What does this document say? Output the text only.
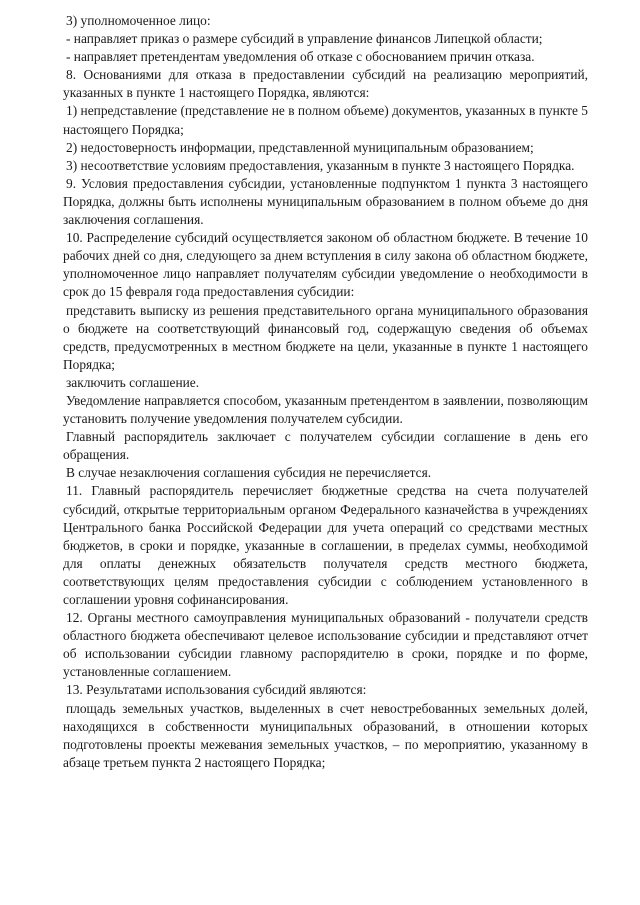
3) уполномоченное лицо:

- направляет приказ о размере субсидий в управление финансов Липецкой области;

- направляет претендентам уведомления об отказе с обоснованием причин отказа.

8. Основаниями для отказа в предоставлении субсидий на реализацию мероприятий, указанных в пункте 1 настоящего Порядка, являются:

1) непредставление (представление не в полном объеме) документов, указанных в пункте 5 настоящего Порядка;

2) недостоверность информации, представленной муниципальным образованием;

3) несоответствие условиям предоставления, указанным в пункте 3 настоящего Порядка.

9. Условия предоставления субсидии, установленные подпунктом 1 пункта 3 настоящего Порядка, должны быть исполнены муниципальным образованием в полном объеме до дня заключения соглашения.

10. Распределение субсидий осуществляется законом об областном бюджете. В течение 10 рабочих дней со дня, следующего за днем вступления в силу закона об областном бюджете, уполномоченное лицо направляет получателям субсидии уведомление о необходимости в срок до 15 февраля года предоставления субсидии:

представить выписку из решения представительного органа муниципального образования о бюджете на соответствующий финансовый год, содержащую сведения об объемах средств, предусмотренных в местном бюджете на цели, указанные в пункте 1 настоящего Порядка;

заключить соглашение.

Уведомление направляется способом, указанным претендентом в заявлении, позволяющим установить получение уведомления получателем субсидии.

Главный распорядитель заключает с получателем субсидии соглашение в день его обращения.

В случае незаключения соглашения субсидия не перечисляется.

11. Главный распорядитель перечисляет бюджетные средства на счета получателей субсидий, открытые территориальным органом Федерального казначейства в учреждениях Центрального банка Российской Федерации для учета операций со средствами местных бюджетов, в сроки и порядке, указанные в соглашении, в пределах суммы, необходимой для оплаты денежных обязательств получателя средств местного бюджета, соответствующих целям предоставления субсидии с соблюдением установленного в соглашении уровня софинансирования.

12. Органы местного самоуправления муниципальных образований - получатели средств областного бюджета обеспечивают целевое использование субсидии и представляют отчет об использовании субсидии главному распорядителю в сроки, порядке и по форме, установленные соглашением.

13. Результатами использования субсидий являются:

площадь земельных участков, выделенных в счет невостребованных земельных долей, находящихся в собственности муниципальных образований, в отношении которых подготовлены проекты межевания земельных участков, – по мероприятию, указанному в абзаце третьем пункта 2 настоящего Порядка;
